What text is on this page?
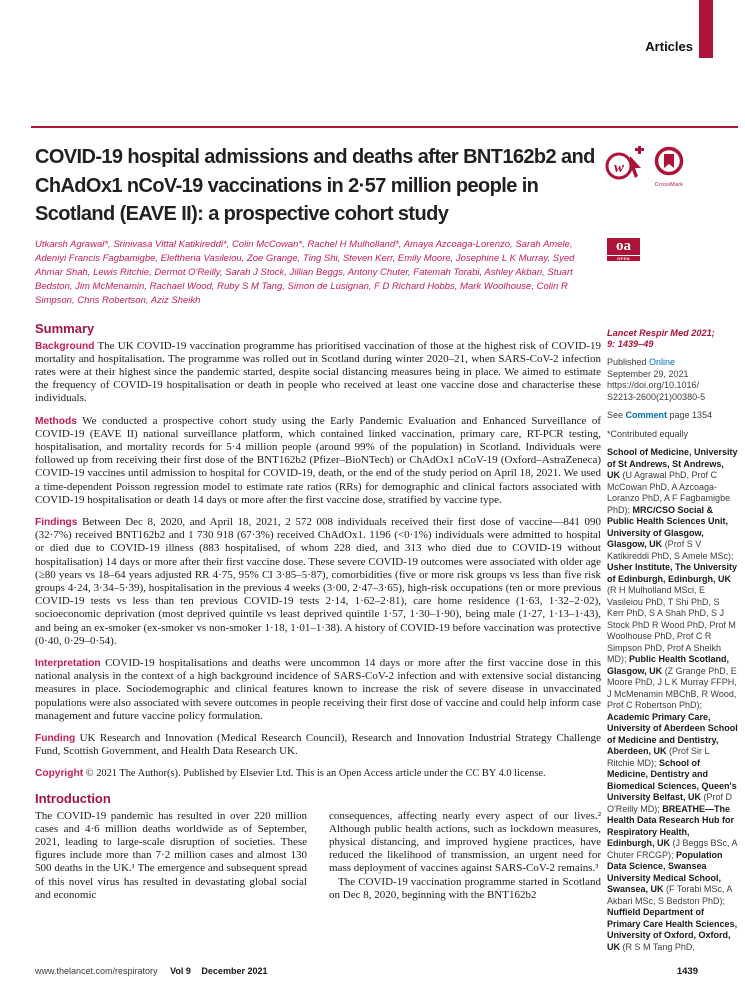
Articles
w
CrossMark
oa
OPEN ACCESS
COVID-19 hospital admissions and deaths after BNT162b2 and ChAdOx1 nCoV-19 vaccinations in 2·57 million people in Scotland (EAVE II): a prospective cohort study

Utkarsh Agrawal*, Srinivasa Vittal Katikireddi*, Colin McCowan*, Rachel H Mulholland*, Amaya Azcoaga-Lorenzo, Sarah Amele, Adeniyi Francis Fagbamigbe, Eleftheria Vasileiou, Zoe Grange, Ting Shi, Steven Kerr, Emily Moore, Josephine L K Murray, Syed Ahmar Shah, Lewis Ritchie, Dermot O'Reilly, Sarah J Stock, Jillian Beggs, Antony Chuter, Fatemah Torabi, Ashley Akbari, Stuart Bedston, Jim McMenamin, Rachael Wood, Ruby S M Tang, Simon de Lusignan, F D Richard Hobbs, Mark Woolhouse, Colin R Simpson, Chris Robertson, Aziz Sheikh

Summary

Background The UK COVID-19 vaccination programme has prioritised vaccination of those at the highest risk of COVID-19 mortality and hospitalisation. The programme was rolled out in Scotland during winter 2020–21, when SARS-CoV-2 infection rates were at their highest since the pandemic started, despite social distancing measures being in place. We aimed to estimate the frequency of COVID-19 hospitalisation or death in people who received at least one vaccine dose and characterise these individuals.

Methods We conducted a prospective cohort study using the Early Pandemic Evaluation and Enhanced Surveillance of COVID-19 (EAVE II) national surveillance platform, which contained linked vaccination, primary care, RT-PCR testing, hospitalisation, and mortality records for 5·4 million people (around 99% of the population) in Scotland. Individuals were followed up from receiving their first dose of the BNT162b2 (Pfizer–BioNTech) or ChAdOx1 nCoV-19 (Oxford–AstraZeneca) COVID-19 vaccines until admission to hospital for COVID-19, death, or the end of the study period on April 18, 2021. We used a time-dependent Poisson regression model to estimate rate ratios (RRs) for demographic and clinical factors associated with COVID-19 hospitalisation or death 14 days or more after the first vaccine dose, stratified by vaccine type.

Findings Between Dec 8, 2020, and April 18, 2021, 2 572 008 individuals received their first dose of vaccine—841 090 (32·7%) received BNT162b2 and 1 730 918 (67·3%) received ChAdOx1. 1196 (<0·1%) individuals were admitted to hospital or died due to COVID-19 illness (883 hospitalised, of whom 228 died, and 313 who died due to COVID-19 without hospitalisation) 14 days or more after their first vaccine dose. These severe COVID-19 outcomes were associated with older age (≥80 years vs 18–64 years adjusted RR 4·75, 95% CI 3·85–5·87), comorbidities (five or more risk groups vs less than five risk groups 4·24, 3·34–5·39), hospitalisation in the previous 4 weeks (3·00, 2·47–3·65), high-risk occupations (ten or more previous COVID-19 tests vs less than ten previous COVID-19 tests 2·14, 1·62–2·81), care home residence (1·63, 1·32–2·02), socioeconomic deprivation (most deprived quintile vs least deprived quintile 1·57, 1·30–1·90), being male (1·27, 1·13–1·43), and being an ex-smoker (ex-smoker vs non-smoker 1·18, 1·01–1·38). A history of COVID-19 before vaccination was protective (0·40, 0·29–0·54).

Interpretation COVID-19 hospitalisations and deaths were uncommon 14 days or more after the first vaccine dose in this national analysis in the context of a high background incidence of SARS-CoV-2 infection and with extensive social distancing measures in place. Sociodemographic and clinical features known to increase the risk of severe disease in unvaccinated populations were also associated with severe outcomes in people receiving their first dose of vaccine and could help inform case management and future vaccine policy formulation.

Funding UK Research and Innovation (Medical Research Council), Research and Innovation Industrial Strategy Challenge Fund, Scottish Government, and Health Data Research UK.

Copyright © 2021 The Author(s). Published by Elsevier Ltd. This is an Open Access article under the CC BY 4.0 license.

Introduction

The COVID-19 pandemic has resulted in over 220 million cases and 4·6 million deaths worldwide as of September, 2021, leading to large-scale disruption of societies. These figures include more than 7·2 million cases and almost 130 500 deaths in the UK.¹ The emergence and subsequent spread of this novel virus has resulted in devastating global social and economic

consequences, affecting nearly every aspect of our lives.² Although public health actions, such as lockdown measures, physical distancing, and improved hygiene practices, have reduced the likelihood of transmission, an urgent need for mass deployment of vaccines against SARS-CoV-2 remains.³

The COVID-19 vaccination programme started in Scotland on Dec 8, 2020, beginning with the BNT162b2

Lancet Respir Med 2021;
9: 1439–49

Published Online
September 29, 2021
https://doi.org/10.1016/
S2213-2600(21)00380-5

See Comment page 1354

*Contributed equally

School of Medicine, University of St Andrews, St Andrews, UK (U Agrawal PhD, Prof C McCowan PhD, A Azcoaga-Loranzo PhD, A F Fagbamigbe PhD); MRC/CSO Social & Public Health Sciences Unit, University of Glasgow, Glasgow, UK (Prof S V Katikireddi PhD, S Amele MSc); Usher Institute, The University of Edinburgh, Edinburgh, UK (R H Mulholland MSci, E Vasileiou PhD, T Shi PhD, S Kerr PhD, S A Shah PhD, S J Stock PhD R Wood PhD, Prof M Woolhouse PhD, Prof C R Simpson PhD, Prof A Sheikh MD); Public Health Scotland, Glasgow, UK (Z Grange PhD, E Moore PhD, J L K Murray FFPH, J McMenamin MBChB, R Wood, Prof C Robertson PhD); Academic Primary Care, University of Aberdeen School of Medicine and Dentistry, Aberdeen, UK (Prof Sir L Ritchie MD); School of Medicine, Dentistry and Biomedical Sciences, Queen's University Belfast, UK (Prof D O'Reilly MD); BREATHE—The Health Data Research Hub for Respiratory Health, Edinburgh, UK (J Beggs BSc, A Chuter FRCGP); Population Data Science, Swansea University Medical School, Swansea, UK (F Torabi MSc, A Akbari MSc, S Bedston PhD); Nuffield Department of Primary Care Health Sciences, University of Oxford, Oxford, UK (R S M Tang PhD,

www.thelancet.com/respiratory Vol 9 December 2021	1439
